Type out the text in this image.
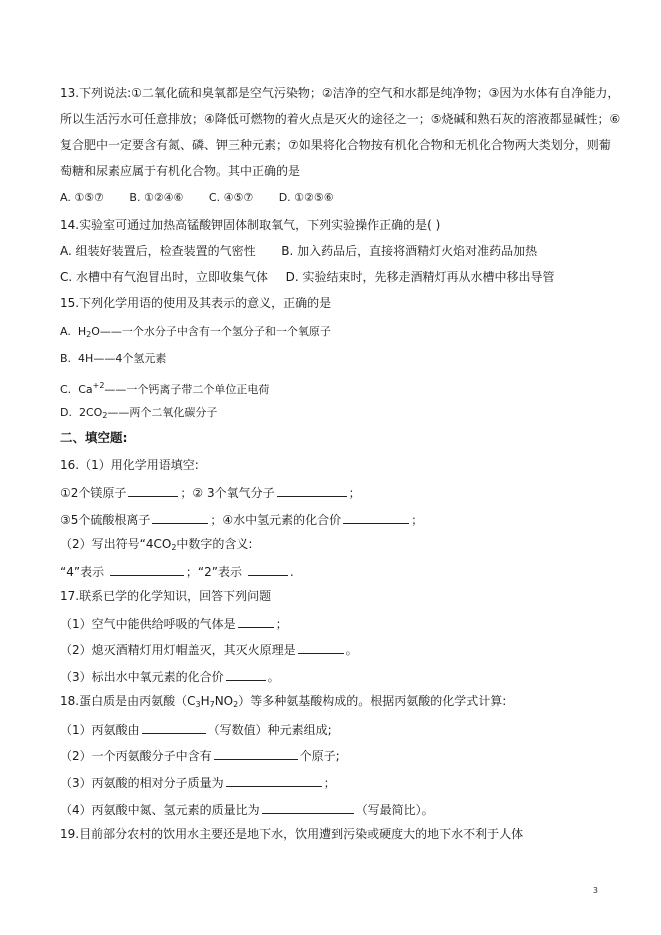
13.下列说法:①二氧化硫和臭氧都是空气污染物；②洁净的空气和水都是纯净物；③因为水体有自净能力，
所以生活污水可任意排放；④降低可燃物的着火点是灭火的途径之一；⑤烧碱和熟石灰的溶液都显碱性；⑥
复合肥中一定要含有氮、磷、钾三种元素；⑦如果将化合物按有机化合物和无机化合物两大类划分，则葡
萄糖和尿素应属于有机化合物。其中正确的是
A. ①⑤⑦ B. ①②④⑥ C. ④⑤⑦ D. ①②⑤⑥
14.实验室可通过加热高锰酸钾固体制取氧气，下列实验操作正确的是( )
A. 组装好装置后，检查装置的气密性 B. 加入药品后，直接将酒精灯火焰对准药品加热
C. 水槽中有气泡冒出时，立即收集气体 D. 实验结束时，先移走酒精灯再从水槽中移出导管
15.下列化学用语的使用及其表示的意义，正确的是
A. $H_2O——$一个水分子中含有一个氢分子和一个氧原子
B. 4H——4个氢元素
C. $Ca^{+2}——$一个钙离子带二个单位正电荷
D. $2CO_2——$两个二氧化碳分子
二、填空题:
16.（1）用化学用语填空:
①2个镁原子	；② 3个氧气分子	；
③5个硫酸根离子	；④水中氢元素的化合价	；
（2）写出符号“$4CO_2$中数字的含义:
“4”表示	；“2”表示	.
17.联系已学的化学知识，回答下列问题
（1）空气中能供给呼吸的气体是	；
（2）熄灭酒精灯用灯帽盖灭，其灭火原理是	。
（3）标出水中氧元素的化合价	。
18.蛋白质是由丙氨酸$(C_3H_7NO_2)$等多种氨基酸构成的。根据丙氨酸的化学式计算:
（1）丙氨酸由	（写数值）种元素组成;
（2）一个丙氨酸分子中含有	个原子;
（3）丙氨酸的相对分子质量为	；
（4）丙氨酸中氮、氢元素的质量比为	（写最简比）。
19.目前部分农村的饮用水主要还是地下水，饮用遭到污染或硬度大的地下水不利于人体
3
